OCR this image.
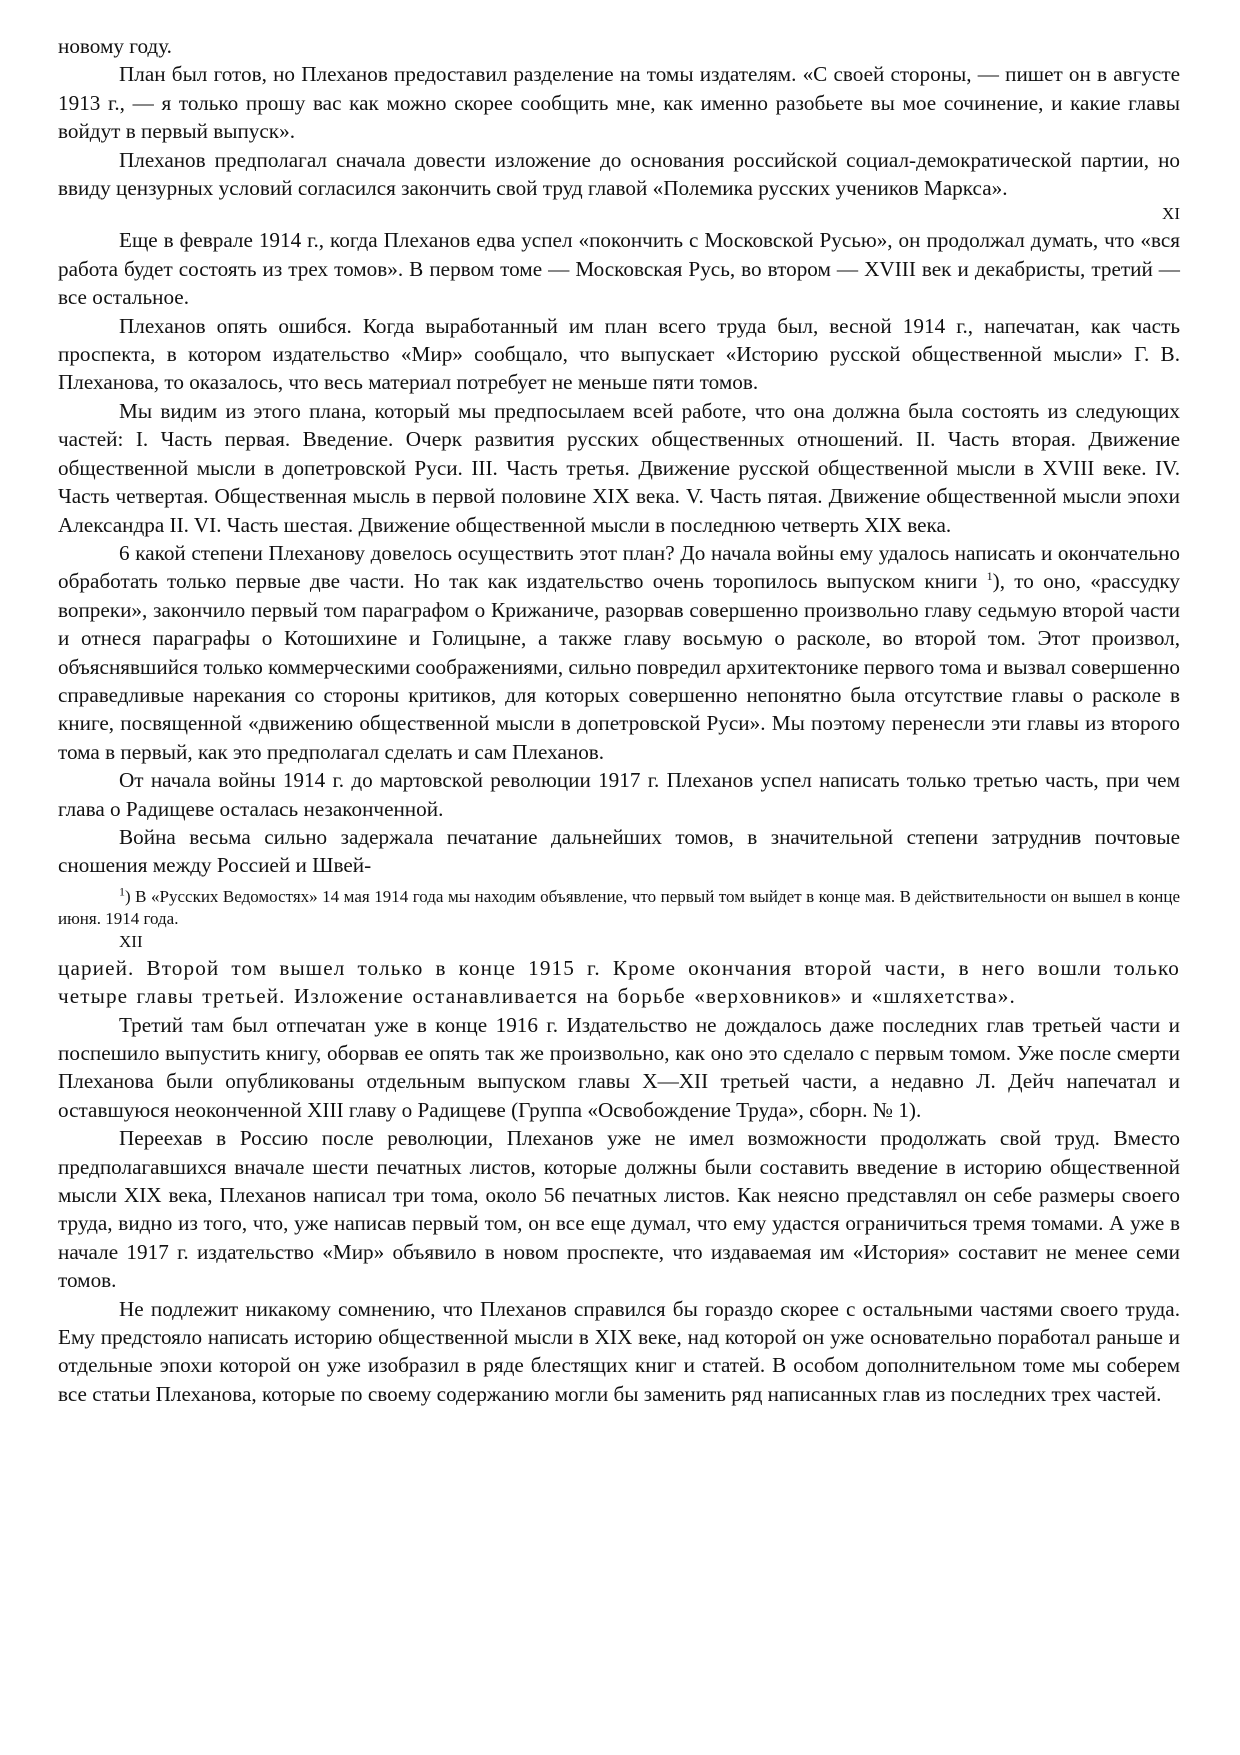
новому году.

План был готов, но Плеханов предоставил разделение на томы издателям. «С своей стороны, — пишет он в августе 1913 г., — я только прошу вас как можно скорее сообщить мне, как именно разобьете вы мое сочинение, и какие главы войдут в первый выпуск».

Плеханов предполагал сначала довести изложение до основания российской социал-демократической партии, но ввиду цензурных условий согласился закончить свой труд главой «Полемика русских учеников Маркса».

XI

Еще в феврале 1914 г., когда Плеханов едва успел «покончить с Московской Русью», он продолжал думать, что «вся работа будет состоять из трех томов». В первом томе — Московская Русь, во втором — XVIII век и декабристы, третий — все остальное.

Плеханов опять ошибся. Когда выработанный им план всего труда был, весной 1914 г., напечатан, как часть проспекта, в котором издательство «Мир» сообщало, что выпускает «Историю русской общественной мысли» Г. В. Плеханова, то оказалось, что весь материал потребует не меньше пяти томов.

Мы видим из этого плана, который мы предпосылаем всей работе, что она должна была состоять из следующих частей: I. Часть первая. Введение. Очерк развития русских общественных отношений. II. Часть вторая. Движение общественной мысли в допетровской Руси. III. Часть третья. Движение русской общественной мысли в XVIII веке. IV. Часть четвертая. Общественная мысль в первой половине XIX века. V. Часть пятая. Движение общественной мысли эпохи Александра II. VI. Часть шестая. Движение общественной мысли в последнюю четверть XIX века.

6 какой степени Плеханову довелось осуществить этот план? До начала войны ему удалось написать и окончательно обработать только первые две части. Но так как издательство очень торопилось выпуском книги $^1$), то оно, «рассудку вопреки», закончило первый том параграфом о Крижаниче, разорвав совершенно произвольно главу седьмую второй части и отнеся параграфы о Котошихине и Голицыне, а также главу восьмую о расколе, во второй том. Этот произвол, объяснявшийся только коммерческими соображениями, сильно повредил архитектонике первого тома и вызвал совершенно справедливые нарекания со стороны критиков, для которых совершенно непонятно была отсутствие главы о расколе в книге, посвященной «движению общественной мысли в допетровской Руси». Мы поэтому перенесли эти главы из второго тома в первый, как это предполагал сделать и сам Плеханов.

От начала войны 1914 г. до мартовской революции 1917 г. Плеханов успел написать только третью часть, при чем глава о Радищеве осталась незаконченной.

Война весьма сильно задержала печатание дальнейших томов, в значительной степени затруднив почтовые сношения между Россией и Швей-

$^1$) В «Русских Ведомостях» 14 мая 1914 года мы находим объявление, что первый том выйдет в конце мая. В действительности он вышел в конце июня. 1914 года.
XII

царией. Второй том вышел только в конце 1915 г. Кроме окончания второй части, в него вошли только четыре главы третьей. Изложение останавливается на борьбе «верховников» и «шляхетства».

Третий там был отпечатан уже в конце 1916 г. Издательство не дождалось даже последних глав третьей части и поспешило выпустить книгу, оборвав ее опять так же произвольно, как оно это сделало с первым томом. Уже после смерти Плеханова были опубликованы отдельным выпуском главы X—XII третьей части, а недавно Л. Дейч напечатал и оставшуюся неоконченной XIII главу о Радищеве (Группа «Освобождение Труда», сборн. № 1).

Переехав в Россию после революции, Плеханов уже не имел возможности продолжать свой труд. Вместо предполагавшихся вначале шести печатных листов, которые должны были составить введение в историю общественной мысли XIX века, Плеханов написал три тома, около 56 печатных листов. Как неясно представлял он себе размеры своего труда, видно из того, что, уже написав первый том, он все еще думал, что ему удастся ограничиться тремя томами. А уже в начале 1917 г. издательство «Мир» объявило в новом проспекте, что издаваемая им «История» составит не менее семи томов.

Не подлежит никакому сомнению, что Плеханов справился бы гораздо скорее с остальными частями своего труда. Ему предстояло написать историю общественной мысли в XIX веке, над которой он уже основательно поработал раньше и отдельные эпохи которой он уже изобразил в ряде блестящих книг и статей. В особом дополнительном томе мы соберем все статьи Плеханова, которые по своему содержанию могли бы заменить ряд написанных глав из последних трех частей.
